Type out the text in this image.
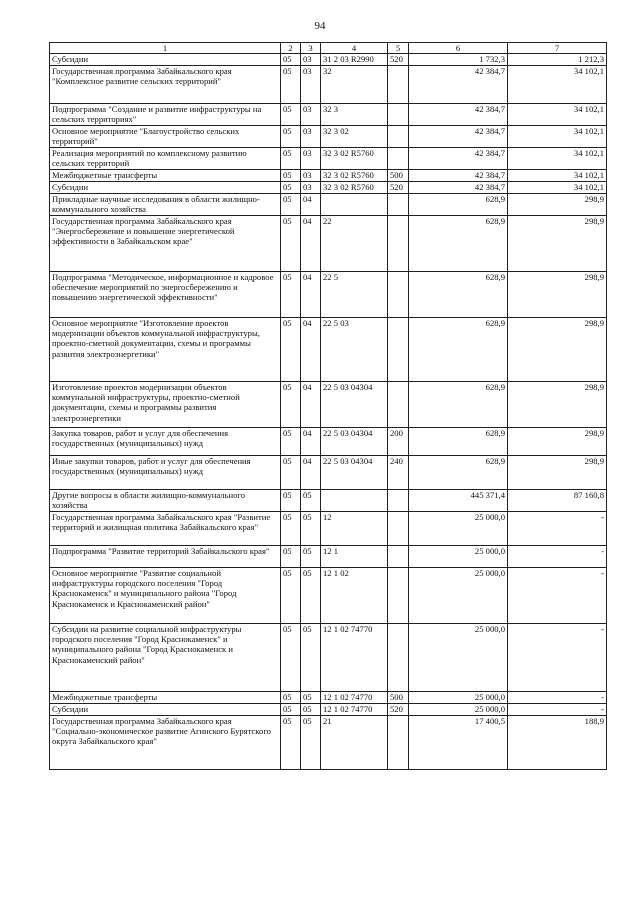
94
1	2	3	4	5	6	7
Субсидии	05	03	31 2 03 R2990	520	1 732,3	1 212,3
Государственная программа Забайкальского края "Комплексное развитие сельских территорий"	05	03	32		42 384,7	34 102,1
Подпрограмма "Создание и развитие инфраструктуры на сельских территориях"	05	03	32 3		42 384,7	34 102,1
Основное мероприятие "Благоустройство сельских территорий"	05	03	32 3 02		42 384,7	34 102,1
Реализация мероприятий по комплексному развитию сельских территорий	05	03	32 3 02 R5760		42 384,7	34 102,1
Межбюджетные трансферты	05	03	32 3 02 R5760	500	42 384,7	34 102,1
Субсидии	05	03	32 3 02 R5760	520	42 384,7	34 102,1
Прикладные научные исследования в области жилищно-коммунального хозяйства	05	04			628,9	298,9
Государственная программа Забайкальского края "Энергосбережение и повышение энергетической эффективности в Забайкальском крае"	05	04	22		628,9	298,9
Подпрограмма "Методическое, информационное и кадровое обеспечение мероприятий по энергосбережению и повышению энергетической эффективности"	05	04	22 5		628,9	298,9
Основное мероприятие "Изготовление проектов модернизации объектов коммунальной инфраструктуры, проектно-сметной документации, схемы и программы развития электроэнергетики"	05	04	22 5 03		628,9	298,9
Изготовление проектов модернизации объектов коммунальной инфраструктуры, проектно-сметной документации, схемы и программы развития электроэнергетики	05	04	22 5 03 04304		628,9	298,9
Закупка товаров, работ и услуг для обеспечения государственных (муниципальных) нужд	05	04	22 5 03 04304	200	628,9	298,9
Иные закупки товаров, работ и услуг для обеспечения государственных (муниципальных) нужд	05	04	22 5 03 04304	240	628,9	298,9
Другие вопросы в области жилищно-коммунального хозяйства	05	05			445 371,4	87 160,8
Государственная программа Забайкальского края "Развитие территорий и жилищная политика Забайкальского края"	05	05	12		25 000,0	-
Подпрограмма "Развитие территорий Забайкальского края"	05	05	12 1		25 000,0	-
Основное мероприятие "Развитие социальной инфраструктуры городского поселения "Город Краснокаменск" и муниципального района "Город Краснокаменск и Краснокаменский район"	05	05	12 1 02		25 000,0	-
Субсидии на развитие социальной инфраструктуры городского поселения "Город Краснокаменск" и муниципального района "Город Краснокаменск и Краснокаменский район"	05	05	12 1 02 74770		25 000,0	-
Межбюджетные трансферты	05	05	12 1 02 74770	500	25 000,0	-
Субсидии	05	05	12 1 02 74770	520	25 000,0	-
Государственная программа Забайкальского края "Социально-экономическое развитие Агинского Бурятского округа Забайкальского края"	05	05	21		17 400,5	188,9
